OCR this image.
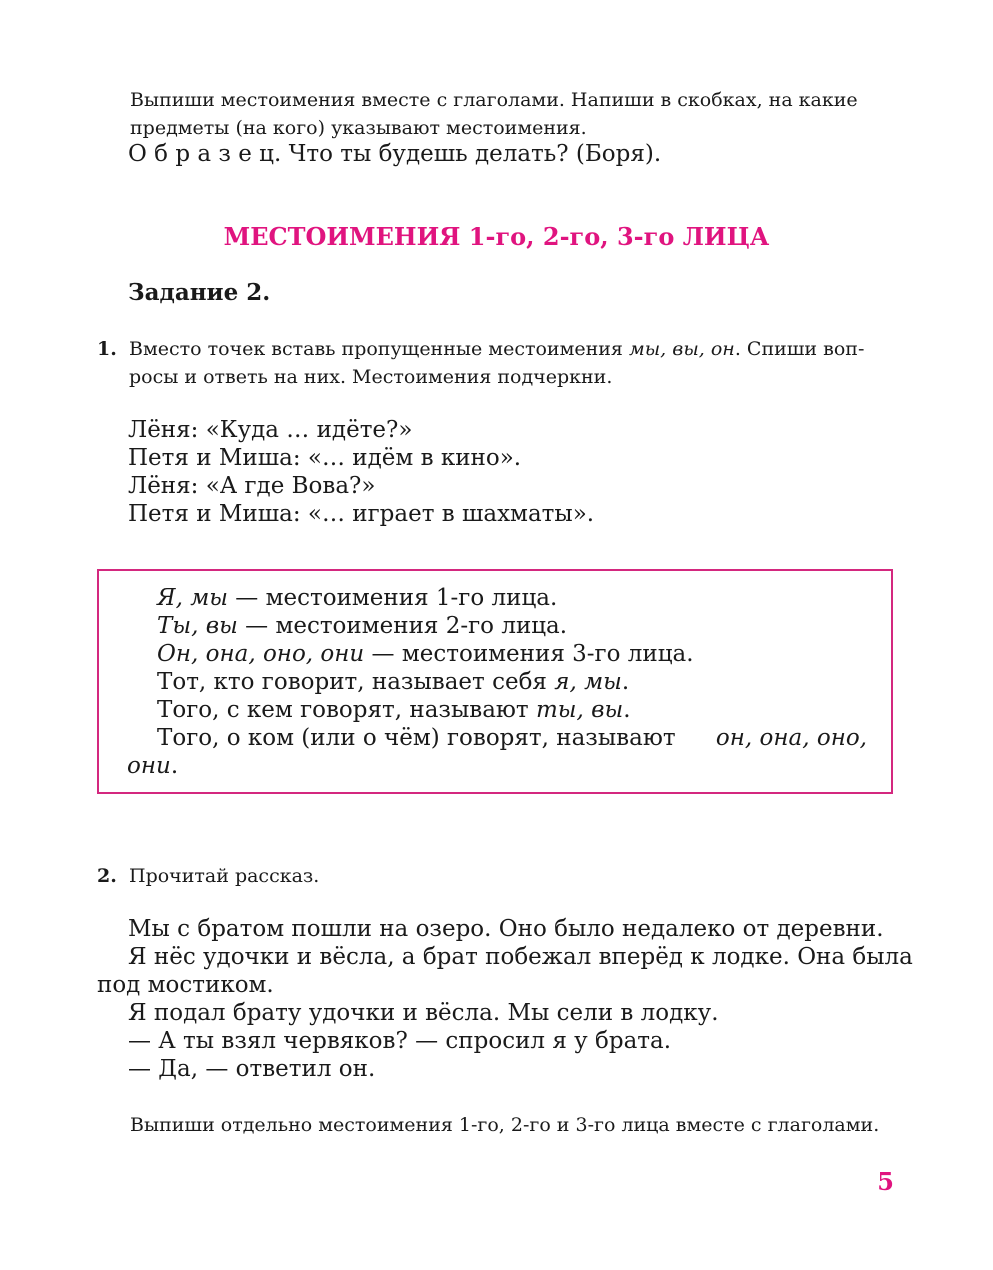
Выпиши местоимения вместе с глаголами. Напиши в скобках, на какие
предметы (на кого) указывают местоимения.
О б р а з е ц. Что ты будешь делать? (Боря).
МЕСТОИМЕНИЯ 1-го, 2-го, 3-го ЛИЦА
Задание 2.
1. Вместо точек вставь пропущенные местоимения мы, вы, он. Спиши воп-
росы и ответь на них. Местоимения подчеркни.
Лёня: «Куда … идёте?»
Петя и Миша: «… идём в кино».
Лёня: «А где Вова?»
Петя и Миша: «… играет в шахматы».
Я, мы — местоимения 1-го лица.
Ты, вы — местоимения 2-го лица.
Он, она, оно, они — местоимения 3-го лица.
Тот, кто говорит, называет себя я, мы.
Того, с кем говорят, называют ты, вы.
Того, о ком (или о чём) говорят, называют он, она, оно,
они.
2. Прочитай рассказ.
Мы с братом пошли на озеро. Оно было недалеко от деревни.
Я нёс удочки и вёсла, а брат побежал вперёд к лодке. Она была
под мостиком.
Я подал брату удочки и вёсла. Мы сели в лодку.
— А ты взял червяков? — спросил я у брата.
— Да, — ответил он.
Выпиши отдельно местоимения 1-го, 2-го и 3-го лица вместе с глаголами.
5
